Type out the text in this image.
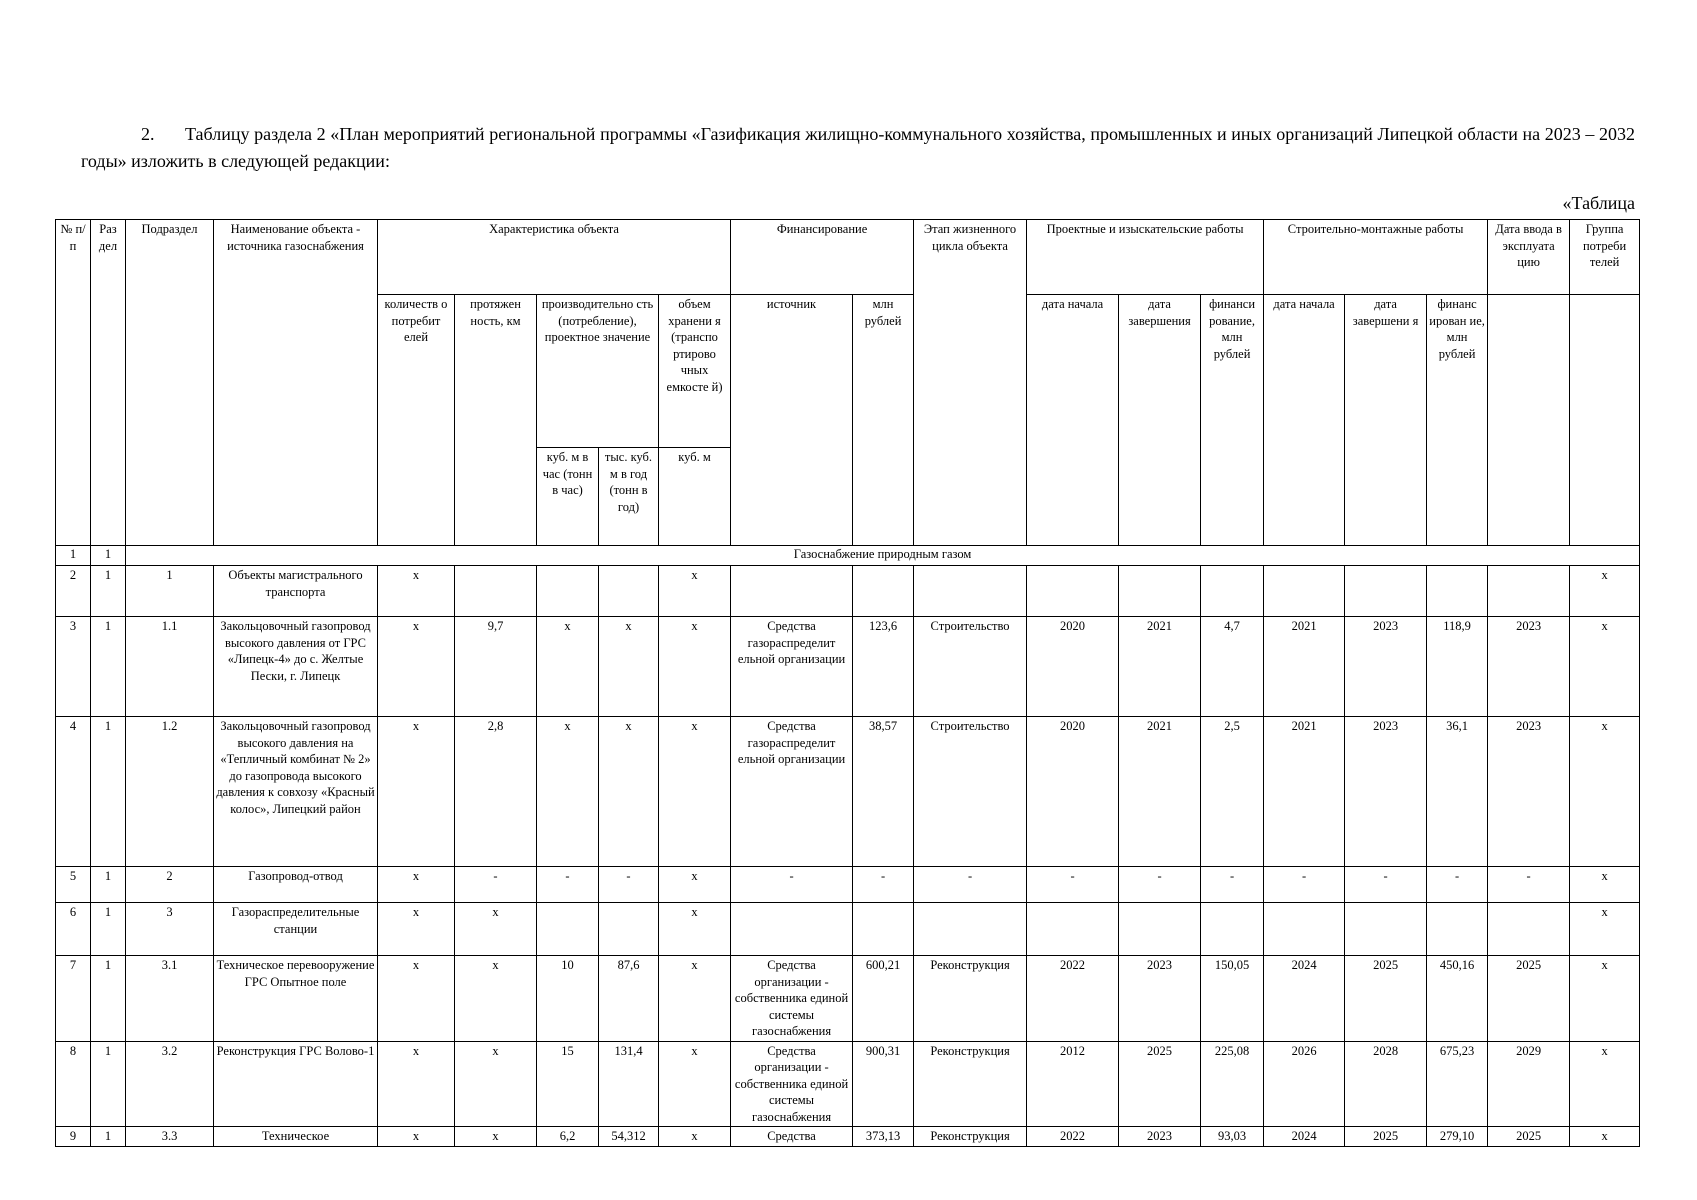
2. Таблицу раздела 2 «План мероприятий региональной программы «Газификация жилищно-коммунального хозяйства, промышленных и иных организаций Липецкой области на 2023 – 2032 годы» изложить в следующей редакции:

«Таблица
№ п/п	Раз дел	Подраздел	Наименование объекта - источника газоснабжения	Характеристика объекта					Финансирование		Этап жизненного цикла объекта	Проектные и изыскательские работы			Строительно-монтажные работы			Дата ввода в эксплуата цию	Группа потреби телей
				количеств о потребит елей	протяжен ность, км	производительно сть (потребление), проектное значение		объем хранени я (транспо ртирово чных емкосте й)	источник	млн рублей		дата начала	дата завершения	финанси рование, млн рублей	дата начала	дата завершени я	финанс ирован ие, млн рублей		
						куб. м в час (тонн в час)	тыс. куб. м в год (тонн в год)	куб. м											
1	1	Газоснабжение природным газом																	
2	1	1	Объекты магистрального транспорта	х				х											х
3	1	1.1	Закольцовочный газопровод высокого давления от ГРС «Липецк-4» до с. Желтые Пески, г. Липецк	х	9,7	х	х	х	Средства газораспределит ельной организации	123,6	Строительство	2020	2021	4,7	2021	2023	118,9	2023	х
4	1	1.2	Закольцовочный газопровод высокого давления на «Тепличный комбинат № 2» до газопровода высокого давления к совхозу «Красный колос», Липецкий район	х	2,8	х	х	х	Средства газораспределит ельной организации	38,57	Строительство	2020	2021	2,5	2021	2023	36,1	2023	х
5	1	2	Газопровод-отвод	х	-	-	-	х	-	-	-	-	-	-	-	-	-	-	х
6	1	3	Газораспределительные станции	х	х			х											х
7	1	3.1	Техническое перевооружение ГРС Опытное поле	х	х	10	87,6	х	Средства организации - собственника единой системы газоснабжения	600,21	Реконструкция	2022	2023	150,05	2024	2025	450,16	2025	х
8	1	3.2	Реконструкция ГРС Волово-1	х	х	15	131,4	х	Средства организации - собственника единой системы газоснабжения	900,31	Реконструкция	2012	2025	225,08	2026	2028	675,23	2029	х
9	1	3.3	Техническое	х	х	6,2	54,312	х	Средства	373,13	Реконструкция	2022	2023	93,03	2024	2025	279,10	2025	х
